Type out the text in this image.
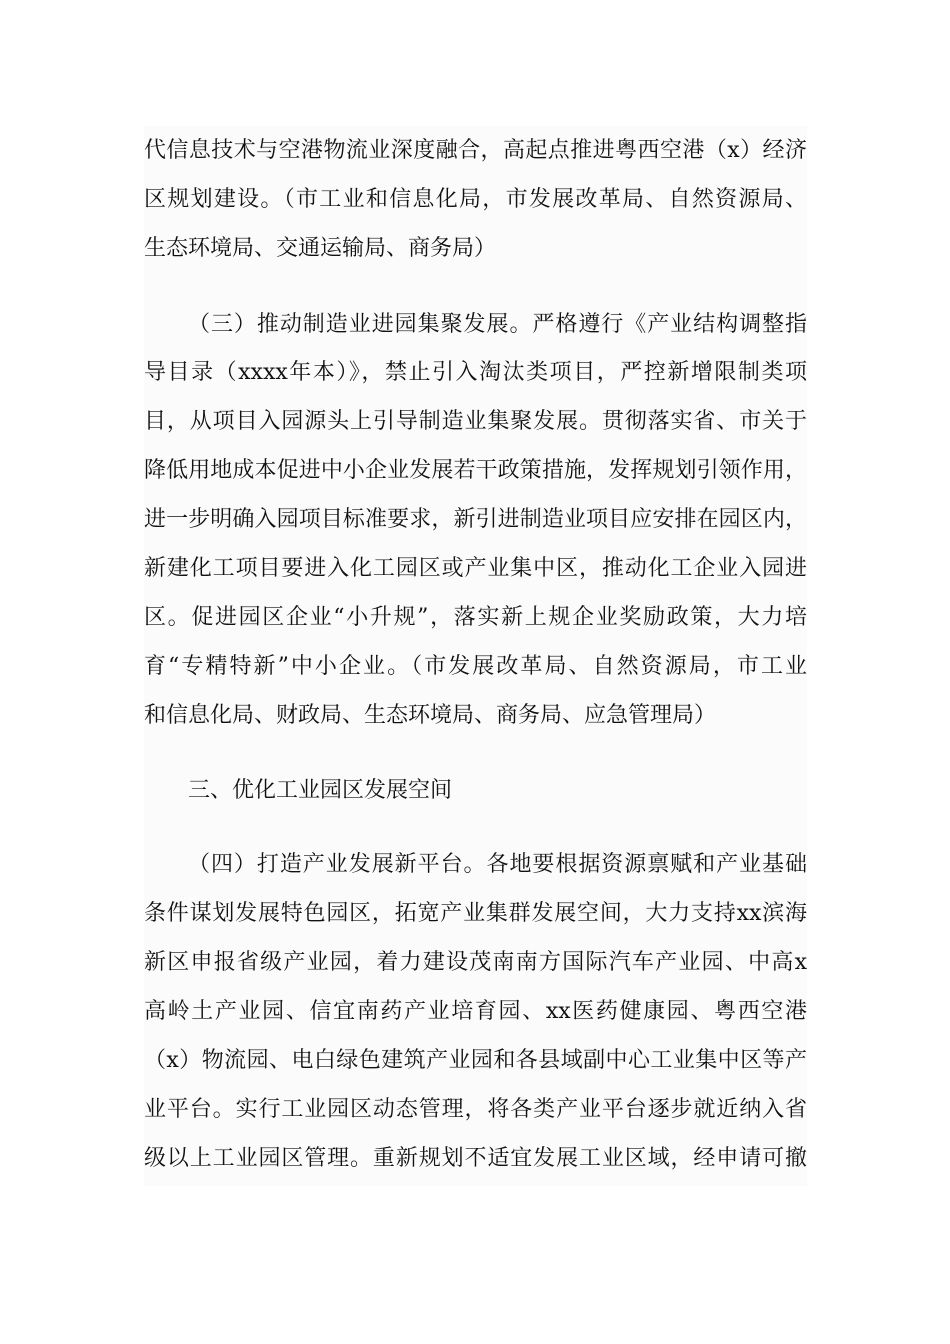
代信息技术与空港物流业深度融合，高起点推进粤西空港（x）经济
区规划建设。（市工业和信息化局，市发展改革局、自然资源局、
生态环境局、交通运输局、商务局）
（三）推动制造业进园集聚发展。严格遵行《产业结构调整指
导目录（xxxx年本）》，禁止引入淘汰类项目，严控新增限制类项
目，从项目入园源头上引导制造业集聚发展。贯彻落实省、市关于
降低用地成本促进中小企业发展若干政策措施，发挥规划引领作用，
进一步明确入园项目标准要求，新引进制造业项目应安排在园区内，
新建化工项目要进入化工园区或产业集中区，推动化工企业入园进
区。促进园区企业“小升规”，落实新上规企业奖励政策，大力培
育“专精特新”中小企业。（市发展改革局、自然资源局，市工业
和信息化局、财政局、生态环境局、商务局、应急管理局）
三、优化工业园区发展空间
（四）打造产业发展新平台。各地要根据资源禀赋和产业基础
条件谋划发展特色园区，拓宽产业集群发展空间，大力支持xx滨海
新区申报省级产业园，着力建设茂南南方国际汽车产业园、中高x
高岭土产业园、信宜南药产业培育园、xx医药健康园、粤西空港
（x）物流园、电白绿色建筑产业园和各县域副中心工业集中区等产
业平台。实行工业园区动态管理，将各类产业平台逐步就近纳入省
级以上工业园区管理。重新规划不适宜发展工业区域，经申请可撤
